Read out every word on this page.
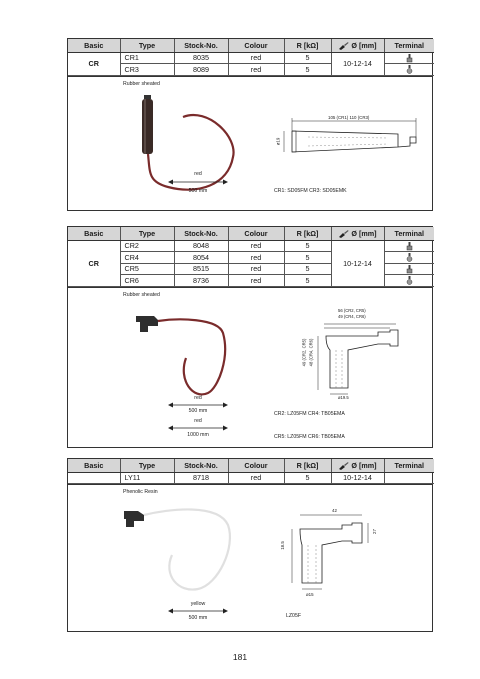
Basic	Type	Stock-No.	Colour	R [kΩ]	Ø [mm]	Terminal
CR	CR1	8035	red	5	10-12-14	
	CR3	8089	red	5	
Rubber sheated
red
500 mm
105 (CR1) 110 (CR3)
ø19
CR1: SD05FM CR3: SD05EMK
Basic	Type	Stock-No.	Colour	R [kΩ]	Ø [mm]	Terminal
CR	CR2	8048	red	5	10-12-14	
	CR4	8054	red	5	
	CR5	8515	red	5	
	CR6	8736	red	5	
Rubber sheated
red
500 mm
red
1000 mm
56 (CR2, CR5)
49 (CR4, CR6)
49 (CR2, CR5) 48 (CR4, CR6)
ø19.5
CR2: LZ05FM CR4: TB05EMA
CR5: LZ05FM CR6: TB05EMA
Basic	Type	Stock-No.	Colour	R [kΩ]	Ø [mm]	Terminal
	LY11	8718	red	5	10-12-14	
Phenolic Resin
yellow
500 mm
42
18.5
ø15
27
LZ05F
181
